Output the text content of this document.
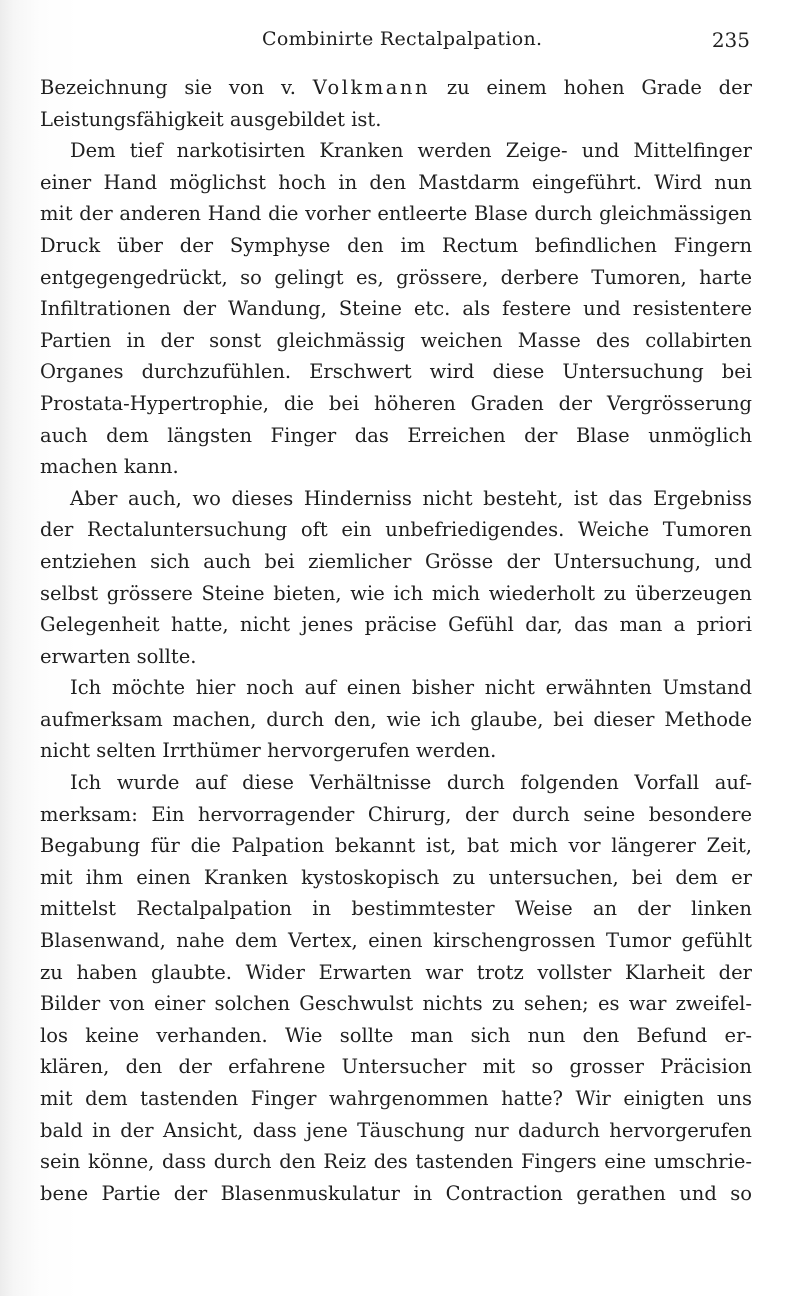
Combinirte Rectalpalpation.	235
Bezeichnung sie von v. Volkmann zu einem hohen Grade der
Leistungsfähigkeit ausgebildet ist.
Dem tief narkotisirten Kranken werden Zeige- und Mittelfinger
einer Hand möglichst hoch in den Mastdarm eingeführt. Wird nun
mit der anderen Hand die vorher entleerte Blase durch gleichmässigen
Druck über der Symphyse den im Rectum befindlichen Fingern
entgegengedrückt, so gelingt es, grössere, derbere Tumoren, harte
Infiltrationen der Wandung, Steine etc. als festere und resistentere
Partien in der sonst gleichmässig weichen Masse des collabirten
Organes durchzufühlen. Erschwert wird diese Untersuchung bei
Prostata-Hypertrophie, die bei höheren Graden der Vergrösserung
auch dem längsten Finger das Erreichen der Blase unmöglich
machen kann.
Aber auch, wo dieses Hinderniss nicht besteht, ist das Ergebniss
der Rectaluntersuchung oft ein unbefriedigendes. Weiche Tumoren
entziehen sich auch bei ziemlicher Grösse der Untersuchung, und
selbst grössere Steine bieten, wie ich mich wiederholt zu überzeugen
Gelegenheit hatte, nicht jenes präcise Gefühl dar, das man a priori
erwarten sollte.
Ich möchte hier noch auf einen bisher nicht erwähnten Umstand
aufmerksam machen, durch den, wie ich glaube, bei dieser Methode
nicht selten Irrthümer hervorgerufen werden.
Ich wurde auf diese Verhältnisse durch folgenden Vorfall auf-
merksam: Ein hervorragender Chirurg, der durch seine besondere
Begabung für die Palpation bekannt ist, bat mich vor längerer Zeit,
mit ihm einen Kranken kystoskopisch zu untersuchen, bei dem er
mittelst Rectalpalpation in bestimmtester Weise an der linken
Blasenwand, nahe dem Vertex, einen kirschengrossen Tumor gefühlt
zu haben glaubte. Wider Erwarten war trotz vollster Klarheit der
Bilder von einer solchen Geschwulst nichts zu sehen; es war zweifel-
los keine verhanden. Wie sollte man sich nun den Befund er-
klären, den der erfahrene Untersucher mit so grosser Präcision
mit dem tastenden Finger wahrgenommen hatte? Wir einigten uns
bald in der Ansicht, dass jene Täuschung nur dadurch hervorgerufen
sein könne, dass durch den Reiz des tastenden Fingers eine umschrie-
bene Partie der Blasenmuskulatur in Contraction gerathen und so
